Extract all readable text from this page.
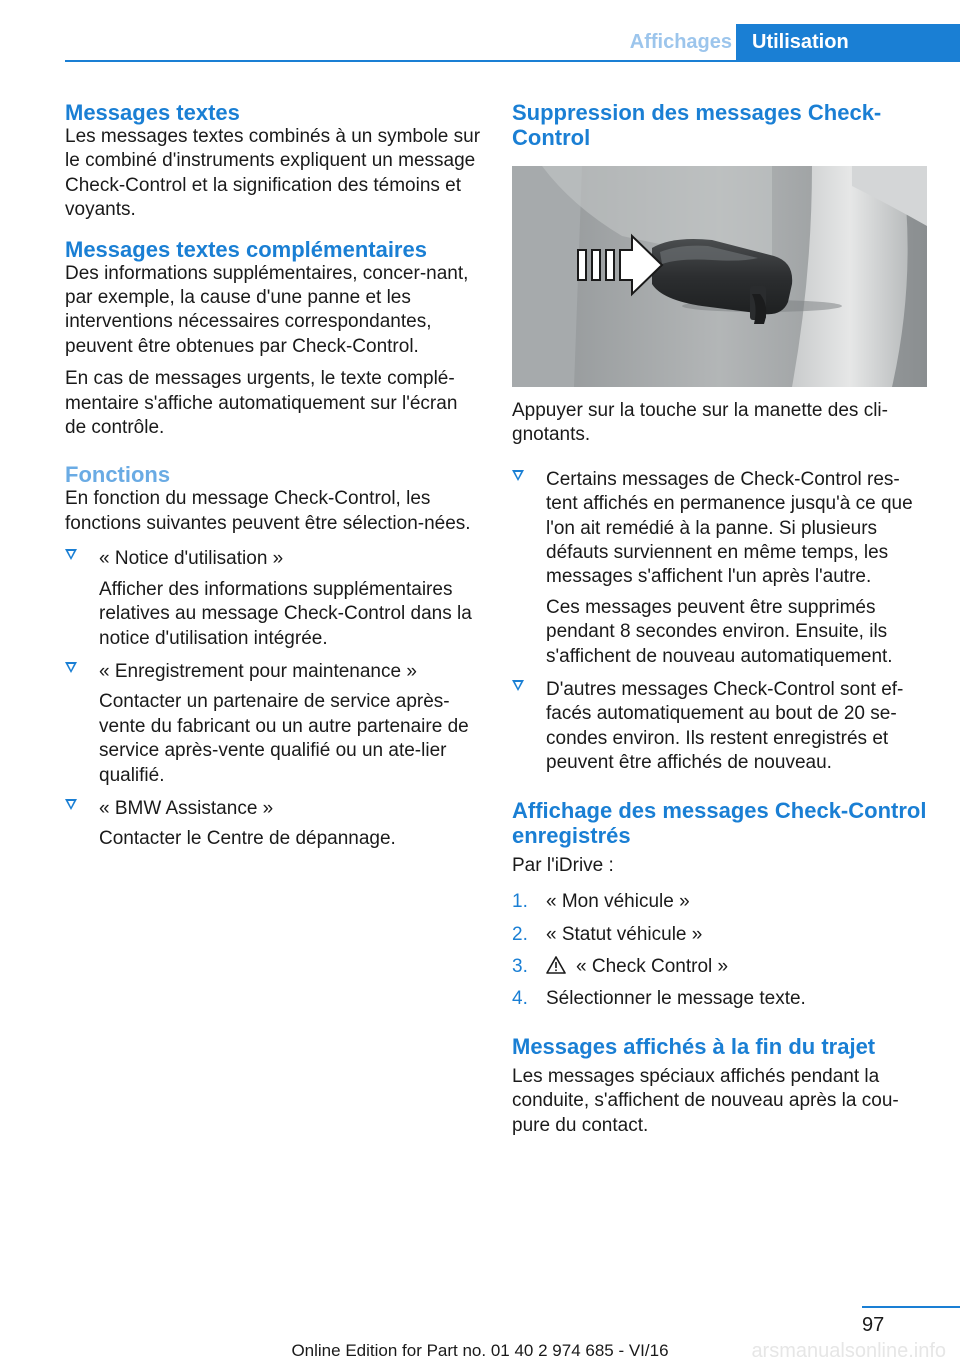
Affichages	Utilisation
Messages textes

Les messages textes combinés à un symbole sur le combiné d'instruments expliquent un message Check-Control et la signification des témoins et voyants.

Messages textes complémentaires

Des informations supplémentaires, concer-nant, par exemple, la cause d'une panne et les interventions nécessaires correspondantes, peuvent être obtenues par Check-Control.

En cas de messages urgents, le texte complé-mentaire s'affiche automatiquement sur l'écran de contrôle.

Fonctions

En fonction du message Check-Control, les fonctions suivantes peuvent être sélection-nées.

« Notice d'utilisation »
Afficher des informations supplémentaires relatives au message Check-Control dans la notice d'utilisation intégrée.
« Enregistrement pour maintenance »
Contacter un partenaire de service après-vente du fabricant ou un autre partenaire de service après-vente qualifié ou un ate-lier qualifié.
« BMW Assistance »
Contacter le Centre de dépannage.
Suppression des messages Check-Control

Appuyer sur la touche sur la manette des cli-gnotants.

Certains messages de Check-Control res-tent affichés en permanence jusqu'à ce que l'on ait remédié à la panne. Si plusieurs défauts surviennent en même temps, les messages s'affichent l'un après l'autre.
Ces messages peuvent être supprimés pendant 8 secondes environ. Ensuite, ils s'affichent de nouveau automatiquement.
D'autres messages Check-Control sont ef-facés automatiquement au bout de 20 se-condes environ. Ils restent enregistrés et peuvent être affichés de nouveau.
Affichage des messages Check-Control enregistrés

Par l'iDrive :

1. « Mon véhicule »
2. « Statut véhicule »
3.	« Check Control »
4. Sélectionner le message texte.
Messages affichés à la fin du trajet

Les messages spéciaux affichés pendant la conduite, s'affichent de nouveau après la cou-pure du contact.

97
arsmanualsonline.info
Online Edition for Part no. 01 40 2 974 685 - VI/16
